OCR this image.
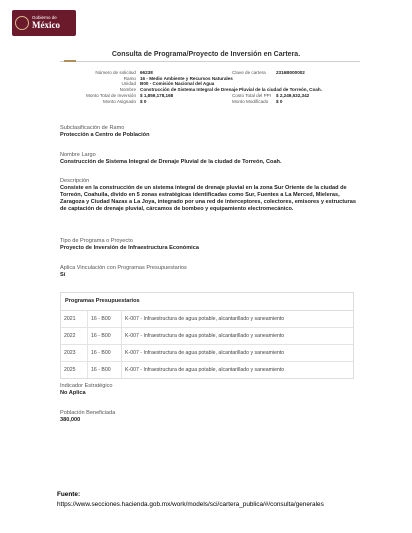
Gobierno de
México
Consulta de Programa/Proyecto de Inversión en Cartera.
Número de solicitud 66238
Ramo 16 - Medio Ambiente y Recursos Naturales
Unidad B00 - Comisión Nacional del Agua
Nombre Construcción de Sistema Integral de Drenaje Pluvial de la ciudad de Torreón, Coah.
Monto Total de Inversión $ 1,859,178,168
Monto Asignado $ 0
Clave de cartera 2316B000002
Costo Total del PPI $ 2,249,532,342
Monto Modificado $ 0
Subclasificación de Ramo
Protección a Centro de Población
Nombre Largo
Construcción de Sistema Integral de Drenaje Pluvial de la ciudad de Torreón, Coah.
Descripción
Consiste en la construcción de un sistema integral de drenaje pluvial en la zona Sur Oriente de la ciudad de Torreón, Coahuila, divido en 5 zonas estratégicas identificadas como Sur, Fuentes a La Merced, Mieleras, Zaragoza y Ciudad Nazas a La Joya, integrado por una red de interceptores, colectores, emisores y estructuras de captación de drenaje pluvial, cárcamos de bombeo y equipamiento electromecánico.
Tipo de Programa o Proyecto
Proyecto de Inversión de Infraestructura Económica
Aplica Vinculación con Programas Presupuestarios
Sí
Programas Presupuestarios
2021	16 - B00	K-007 - Infraestructura de agua potable, alcantarillado y saneamiento
2022	16 - B00	K-007 - Infraestructura de agua potable, alcantarillado y saneamiento
2023	16 - B00	K-007 - Infraestructura de agua potable, alcantarillado y saneamiento
2025	16 - B00	K-007 - Infraestructura de agua potable, alcantarillado y saneamiento
Indicador Estratégico
No Aplica
Población Beneficiada
380,000
Fuente:
https://www.secciones.hacienda.gob.mx/work/models/sci/cartera_publica/#/consulta/generales
